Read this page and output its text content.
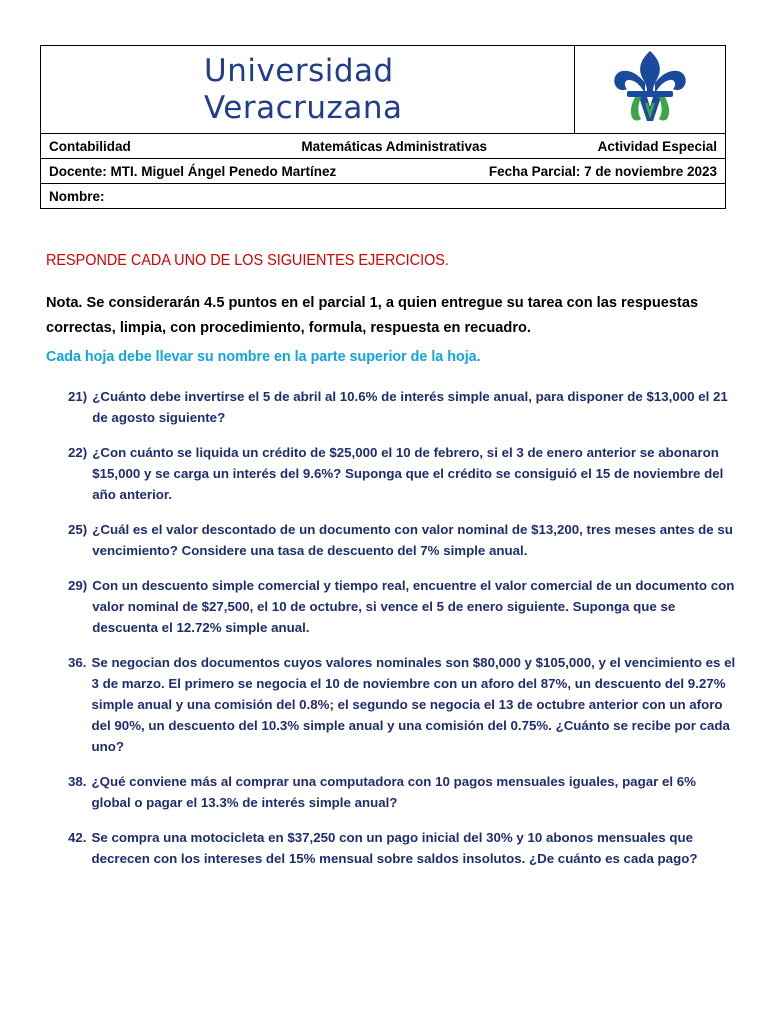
Universidad
Veracruzana

Contabilidad	Matemáticas Administrativas	Actividad Especial

Docente: MTI. Miguel Ángel Penedo Martínez	Fecha Parcial: 7 de noviembre 2023

Nombre:
RESPONDE CADA UNO DE LOS SIGUIENTES EJERCICIOS.
Nota. Se considerarán 4.5 puntos en el parcial 1, a quien entregue su tarea con las respuestas correctas, limpia, con procedimiento, formula, respuesta en recuadro.
Cada hoja debe llevar su nombre en la parte superior de la hoja.
21) ¿Cuánto debe invertirse el 5 de abril al 10.6% de interés simple anual, para disponer de $13,000 el 21 de agosto siguiente?
22) ¿Con cuánto se liquida un crédito de $25,000 el 10 de febrero, si el 3 de enero anterior se abonaron $15,000 y se carga un interés del 9.6%? Suponga que el crédito se consiguió el 15 de noviembre del año anterior.
25) ¿Cuál es el valor descontado de un documento con valor nominal de $13,200, tres meses antes de su vencimiento? Considere una tasa de descuento del 7% simple anual.
29) Con un descuento simple comercial y tiempo real, encuentre el valor comercial de un documento con valor nominal de $27,500, el 10 de octubre, si vence el 5 de enero siguiente. Suponga que se descuenta el 12.72% simple anual.
36. Se negocian dos documentos cuyos valores nominales son $80,000 y $105,000, y el vencimiento es el 3 de marzo. El primero se negocia el 10 de noviembre con un aforo del 87%, un descuento del 9.27% simple anual y una comisión del 0.8%; el segundo se negocia el 13 de octubre anterior con un aforo del 90%, un descuento del 10.3% simple anual y una comisión del 0.75%. ¿Cuánto se recibe por cada uno?
38. ¿Qué conviene más al comprar una computadora con 10 pagos mensuales iguales, pagar el 6% global o pagar el 13.3% de interés simple anual?
42. Se compra una motocicleta en $37,250 con un pago inicial del 30% y 10 abonos mensuales que decrecen con los intereses del 15% mensual sobre saldos insolutos. ¿De cuánto es cada pago?
